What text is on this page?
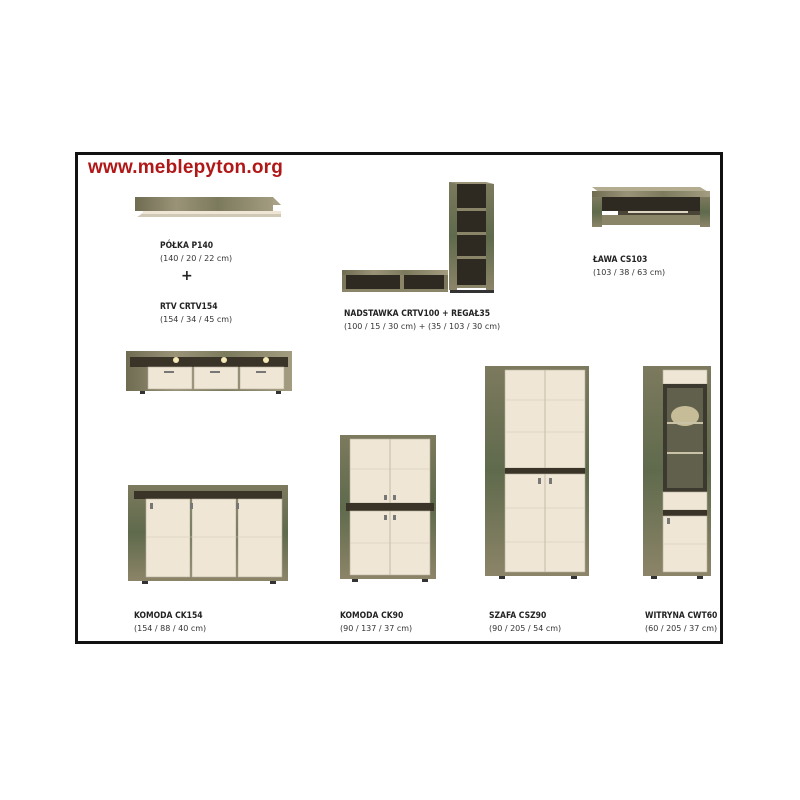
www.meblepyton.org
PÓŁKA P140
(140 / 20 / 22 cm)
+
RTV CRTV154
(154 / 34 / 45 cm)
NADSTAWKA CRTV100 + REGAŁ35
(100 / 15 / 30 cm) + (35 / 103 / 30 cm)
ŁAWA CS103
(103 / 38 / 63 cm)
KOMODA CK154
(154 / 88 / 40 cm)
KOMODA CK90
(90 / 137 / 37 cm)
SZAFA CSZ90
(90 / 205 / 54 cm)
WITRYNA CWT60
(60 / 205 / 37 cm)
